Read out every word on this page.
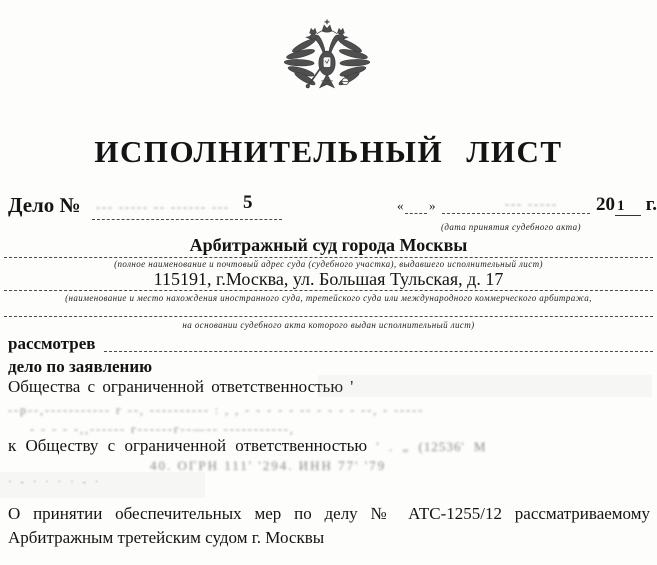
ИСПОЛНИТЕЛЬНЫЙ ЛИСТ
Дело № --- ----- -- ------ --- 5	« »	--- -----	20 1 г.
(дата принятия судебного акта)
Арбитражный суд города Москвы
(полное наименование и почтовый адрес суда (судебного участка), выдавшего исполнительный лист)
115191, г.Москва, ул. Большая Тульская, д. 17
(наименование и место нахождения иностранного суда, третейского суда или международного коммерческого арбитража,
на основании судебного акта которого выдан исполнительный лист)
рассмотрев
дело по заявлению
Общества с ограниченной ответственностью '
--р--,----------- г --, ---------- : , , - - - - - -- - - - - --, - -----
- - - - -,,------ г------г--—-- -----------,
к Обществу с ограниченной ответственностью ' . „ (12536' М
40. ОГРН 111' '294. ИНН 77' '79
· - · · · · - ·
О принятии обеспечительных мер по делу № АТС-1255/12 рассматриваемому Арбитражным третейским судом г. Москвы
